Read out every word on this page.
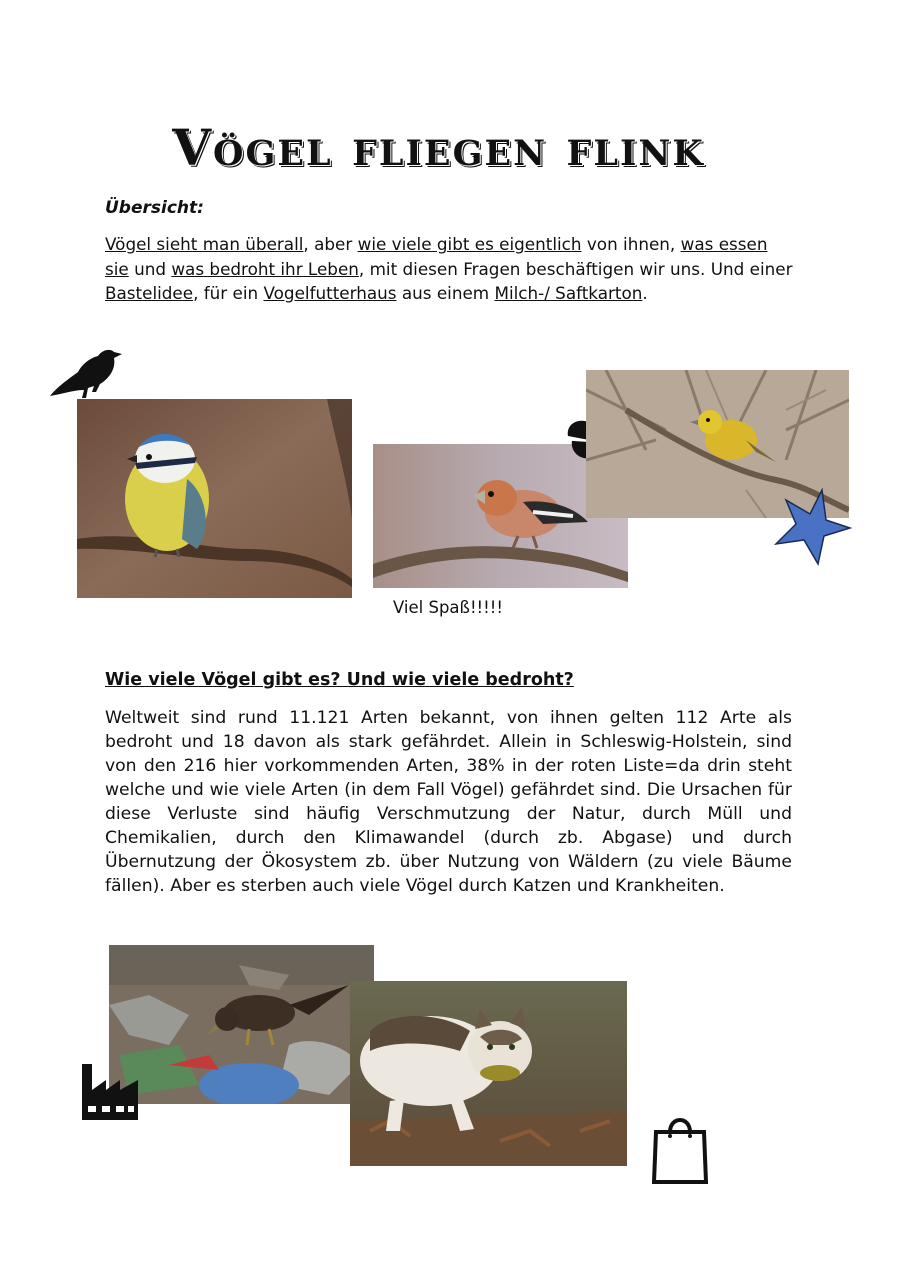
Vögel fliegen flink
Übersicht:
Vögel sieht man überall, aber wie viele gibt es eigentlich von ihnen, was essen sie und was bedroht ihr Leben, mit diesen Fragen beschäftigen wir uns. Und einer Bastelidee, für ein Vogelfutterhaus aus einem Milch-/ Saftkarton.
Viel Spaß!!!!!
Wie viele Vögel gibt es? Und wie viele bedroht?
Weltweit sind rund 11.121 Arten bekannt, von ihnen gelten 112 Arte als bedroht und 18 davon als stark gefährdet. Allein in Schleswig-Holstein, sind von den 216 hier vorkommenden Arten, 38% in der roten Liste=da drin steht welche und wie viele Arten (in dem Fall Vögel) gefährdet sind. Die Ursachen für diese Verluste sind häufig Verschmutzung der Natur, durch Müll und Chemikalien, durch den Klimawandel (durch zb. Abgase) und durch Übernutzung der Ökosystem zb. über Nutzung von Wäldern (zu viele Bäume fällen). Aber es sterben auch viele Vögel durch Katzen und Krankheiten.
